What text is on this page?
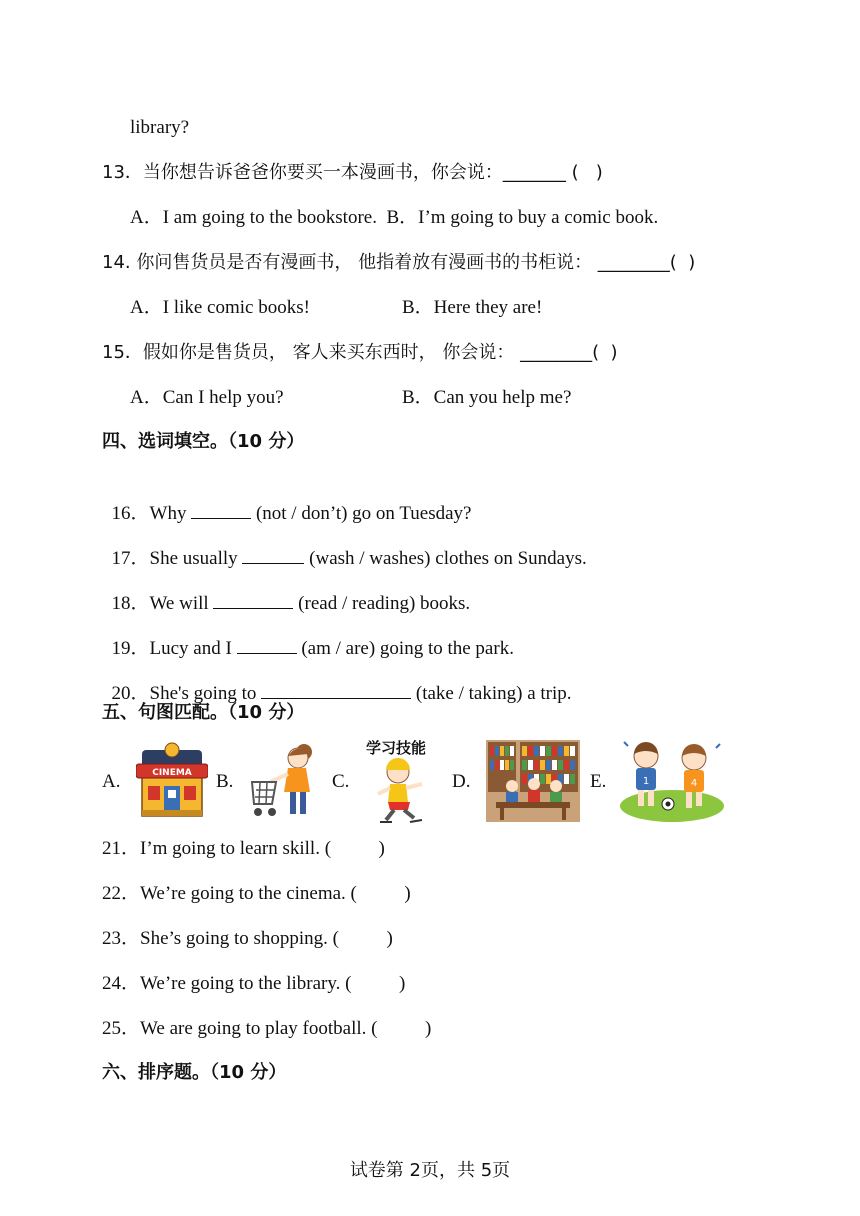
library?
13．当你想告诉爸爸你要买一本漫画书，你会说：_______ (   )
A．I am going to the bookstore.  B．I’m going to buy a comic book.
14. 你问售货员是否有漫画书， 他指着放有漫画书的书柜说： ________(  )
A．I like comic books!	B．Here they are!
15．假如你是售货员， 客人来买东西时， 你会说： ________(  )
A．Can I help you?	B．Can you help me?
四、选词填空。（10 分）

16．Why	(not / don’t) go on Tuesday?

17．She usually	(wash / washes) clothes on Sundays.

18．We will	(read / reading) books.

19．Lucy and I	(am / are) going to the park.

20．She's going to	(take / taking) a trip.

五、句图匹配。（10 分）
A.	B.	C.	D.	E.
CINEMA
学习技能
1	4
21．I’m going to learn skill. (          )
22．We’re going to the cinema. (          )
23．She’s going to shopping. (          )
24．We’re going to the library. (          )
25．We are going to play football. (          )
六、排序题。（10 分）
试卷第 2页，共 5页
